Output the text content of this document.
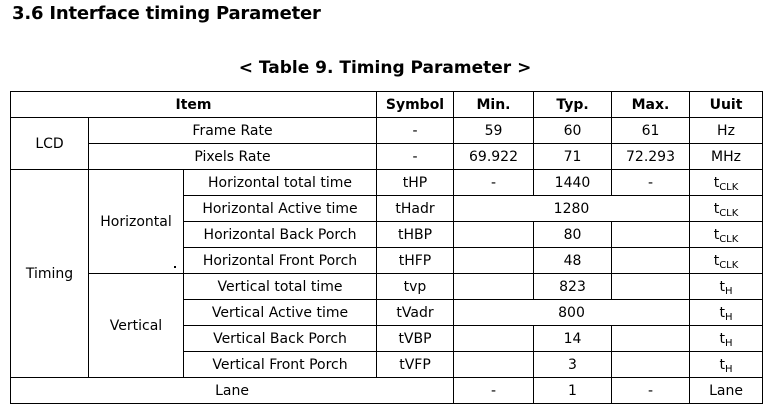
3.6 Interface timing Parameter
< Table 9. Timing Parameter >
Item			Symbol	Min.	Typ.	Max.	Uuit
LCD	Frame Rate		-	59	60	61	Hz
	Pixels Rate		-	69.922	71	72.293	MHz
Timing	Horizontal	Horizontal total time	tHP	-	1440	-	$t_{CLK}$
		Horizontal Active time	tHadr	1280			$t_{CLK}$
		Horizontal Back Porch	tHBP		80		$t_{CLK}$
		Horizontal Front Porch	tHFP		48		$t_{CLK}$
	Vertical	Vertical total time	tvp		823		$t_H$
		Vertical Active time	tVadr	800			$t_H$
		Vertical Back Porch	tVBP		14		$t_H$
		Vertical Front Porch	tVFP		3		$t_H$
Lane				-	1	-	Lane
